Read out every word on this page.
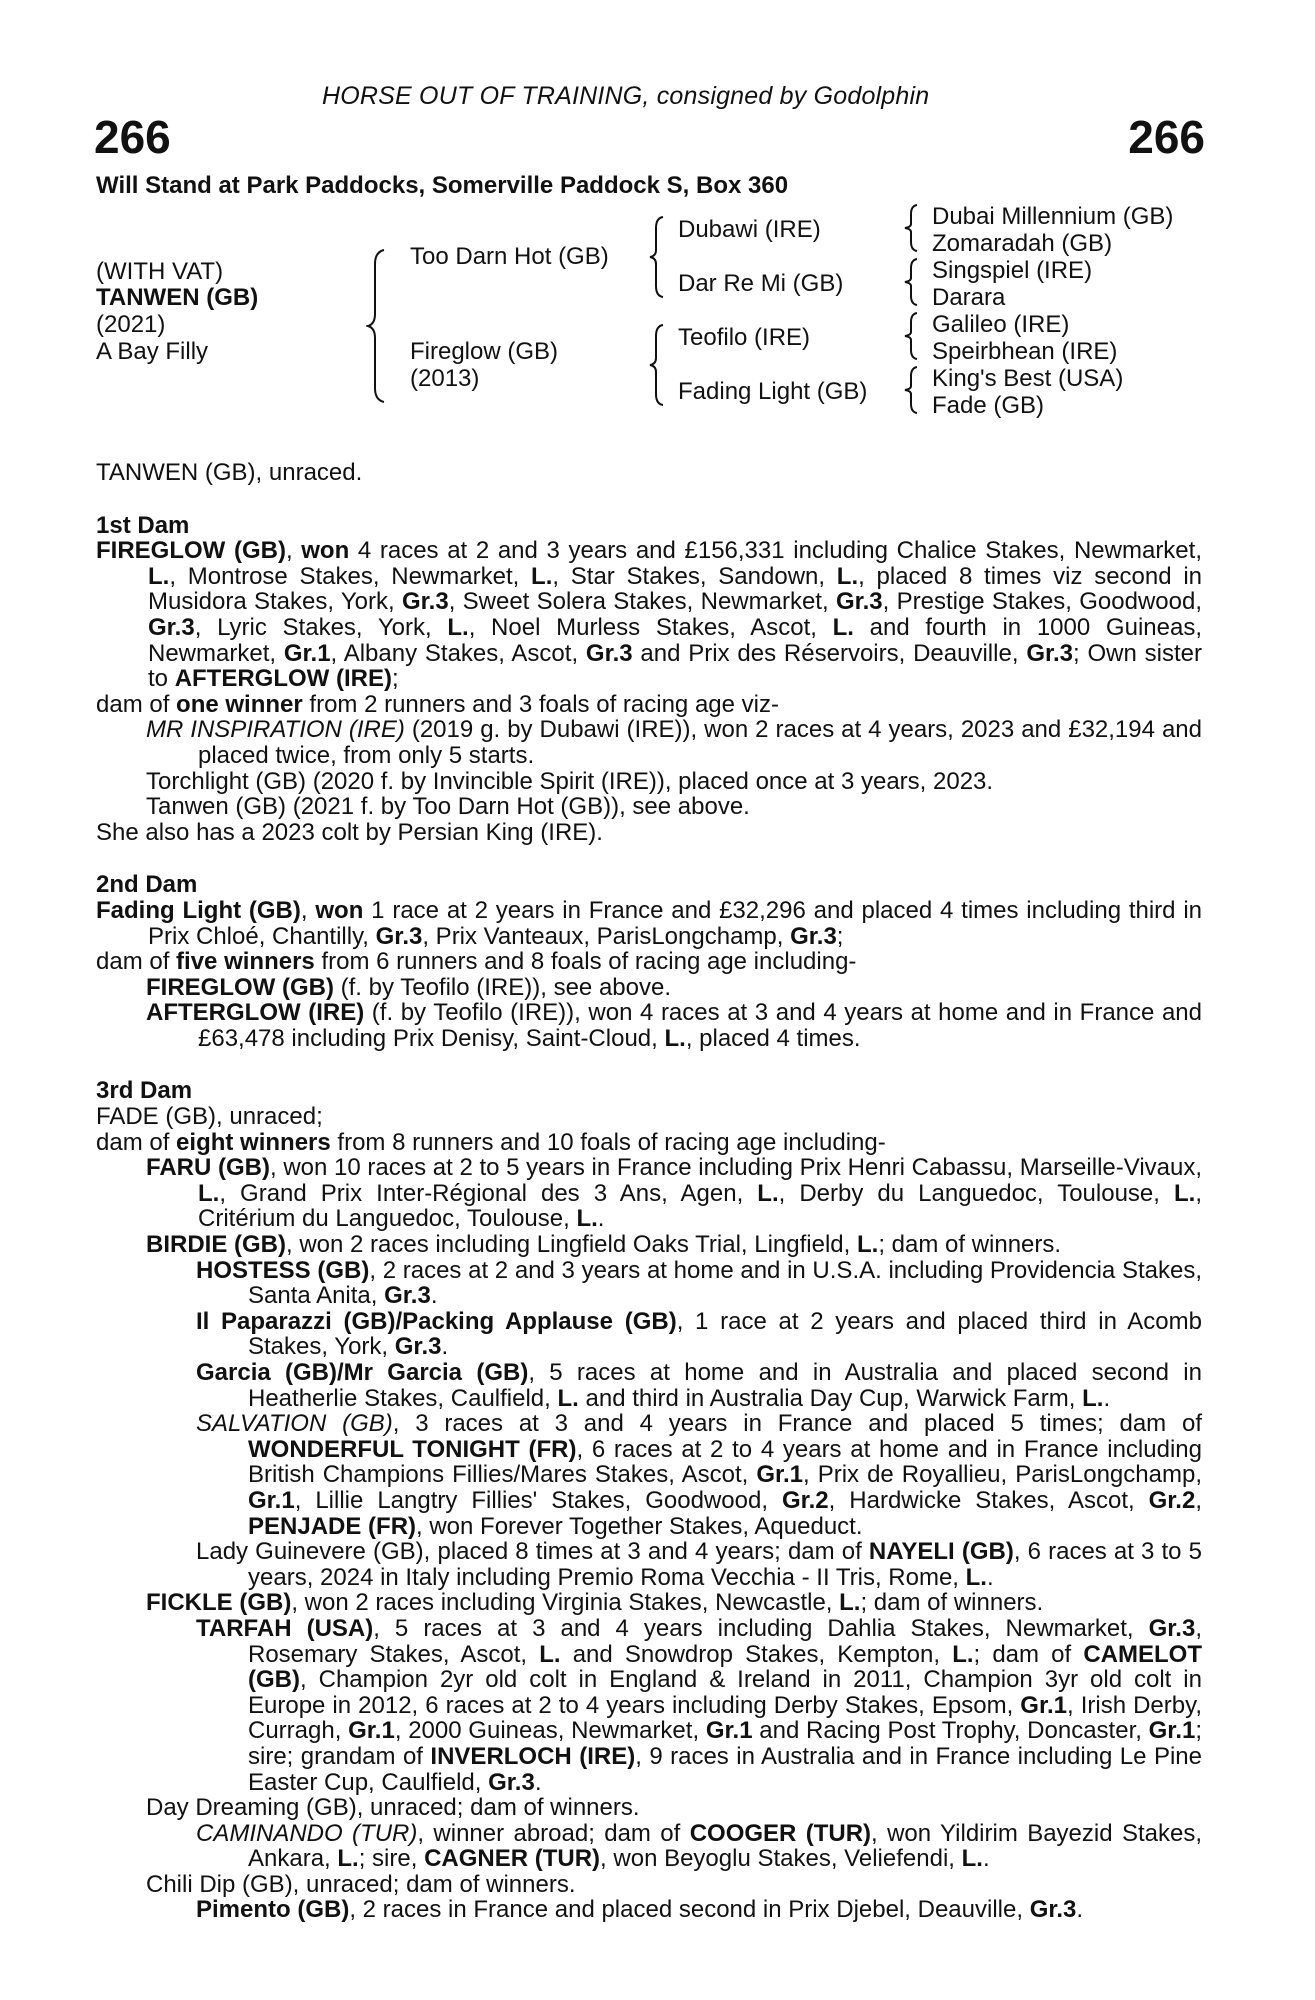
HORSE OUT OF TRAINING, consigned by Godolphin
266	266
Will Stand at Park Paddocks, Somerville Paddock S, Box 360
(WITH VAT)
TANWEN (GB)
(2021)
A Bay Filly
Too Darn Hot (GB)
Fireglow (GB)
(2013)
Dubawi (IRE)
Dar Re Mi (GB)
Teofilo (IRE)
Fading Light (GB)
Dubai Millennium (GB)
Zomaradah (GB)
Singspiel (IRE)
Darara
Galileo (IRE)
Speirbhean (IRE)
King's Best (USA)
Fade (GB)

TANWEN (GB), unraced.

1st Dam

FIREGLOW (GB), won 4 races at 2 and 3 years and £156,331 including Chalice Stakes, Newmarket, L., Montrose Stakes, Newmarket, L., Star Stakes, Sandown, L., placed 8 times viz second in Musidora Stakes, York, Gr.3, Sweet Solera Stakes, Newmarket, Gr.3, Prestige Stakes, Goodwood, Gr.3, Lyric Stakes, York, L., Noel Murless Stakes, Ascot, L. and fourth in 1000 Guineas, Newmarket, Gr.1, Albany Stakes, Ascot, Gr.3 and Prix des Réservoirs, Deauville, Gr.3; Own sister to AFTERGLOW (IRE);

dam of one winner from 2 runners and 3 foals of racing age viz-

MR INSPIRATION (IRE) (2019 g. by Dubawi (IRE)), won 2 races at 4 years, 2023 and £32,194 and placed twice, from only 5 starts.

Torchlight (GB) (2020 f. by Invincible Spirit (IRE)), placed once at 3 years, 2023.

Tanwen (GB) (2021 f. by Too Darn Hot (GB)), see above.

She also has a 2023 colt by Persian King (IRE).

2nd Dam

Fading Light (GB), won 1 race at 2 years in France and £32,296 and placed 4 times including third in Prix Chloé, Chantilly, Gr.3, Prix Vanteaux, ParisLongchamp, Gr.3;

dam of five winners from 6 runners and 8 foals of racing age including-

FIREGLOW (GB) (f. by Teofilo (IRE)), see above.

AFTERGLOW (IRE) (f. by Teofilo (IRE)), won 4 races at 3 and 4 years at home and in France and £63,478 including Prix Denisy, Saint-Cloud, L., placed 4 times.

3rd Dam

FADE (GB), unraced;

dam of eight winners from 8 runners and 10 foals of racing age including-

FARU (GB), won 10 races at 2 to 5 years in France including Prix Henri Cabassu, Marseille-Vivaux, L., Grand Prix Inter-Régional des 3 Ans, Agen, L., Derby du Languedoc, Toulouse, L., Critérium du Languedoc, Toulouse, L..

BIRDIE (GB), won 2 races including Lingfield Oaks Trial, Lingfield, L.; dam of winners.

HOSTESS (GB), 2 races at 2 and 3 years at home and in U.S.A. including Providencia Stakes, Santa Anita, Gr.3.

Il Paparazzi (GB)/Packing Applause (GB), 1 race at 2 years and placed third in Acomb Stakes, York, Gr.3.

Garcia (GB)/Mr Garcia (GB), 5 races at home and in Australia and placed second in Heatherlie Stakes, Caulfield, L. and third in Australia Day Cup, Warwick Farm, L..

SALVATION (GB), 3 races at 3 and 4 years in France and placed 5 times; dam of WONDERFUL TONIGHT (FR), 6 races at 2 to 4 years at home and in France including British Champions Fillies/Mares Stakes, Ascot, Gr.1, Prix de Royallieu, ParisLongchamp, Gr.1, Lillie Langtry Fillies' Stakes, Goodwood, Gr.2, Hardwicke Stakes, Ascot, Gr.2, PENJADE (FR), won Forever Together Stakes, Aqueduct.

Lady Guinevere (GB), placed 8 times at 3 and 4 years; dam of NAYELI (GB), 6 races at 3 to 5 years, 2024 in Italy including Premio Roma Vecchia - II Tris, Rome, L..

FICKLE (GB), won 2 races including Virginia Stakes, Newcastle, L.; dam of winners.

TARFAH (USA), 5 races at 3 and 4 years including Dahlia Stakes, Newmarket, Gr.3, Rosemary Stakes, Ascot, L. and Snowdrop Stakes, Kempton, L.; dam of CAMELOT (GB), Champion 2yr old colt in England & Ireland in 2011, Champion 3yr old colt in Europe in 2012, 6 races at 2 to 4 years including Derby Stakes, Epsom, Gr.1, Irish Derby, Curragh, Gr.1, 2000 Guineas, Newmarket, Gr.1 and Racing Post Trophy, Doncaster, Gr.1; sire; grandam of INVERLOCH (IRE), 9 races in Australia and in France including Le Pine Easter Cup, Caulfield, Gr.3.

Day Dreaming (GB), unraced; dam of winners.

CAMINANDO (TUR), winner abroad; dam of COOGER (TUR), won Yildirim Bayezid Stakes, Ankara, L.; sire, CAGNER (TUR), won Beyoglu Stakes, Veliefendi, L..

Chili Dip (GB), unraced; dam of winners.

Pimento (GB), 2 races in France and placed second in Prix Djebel, Deauville, Gr.3.
